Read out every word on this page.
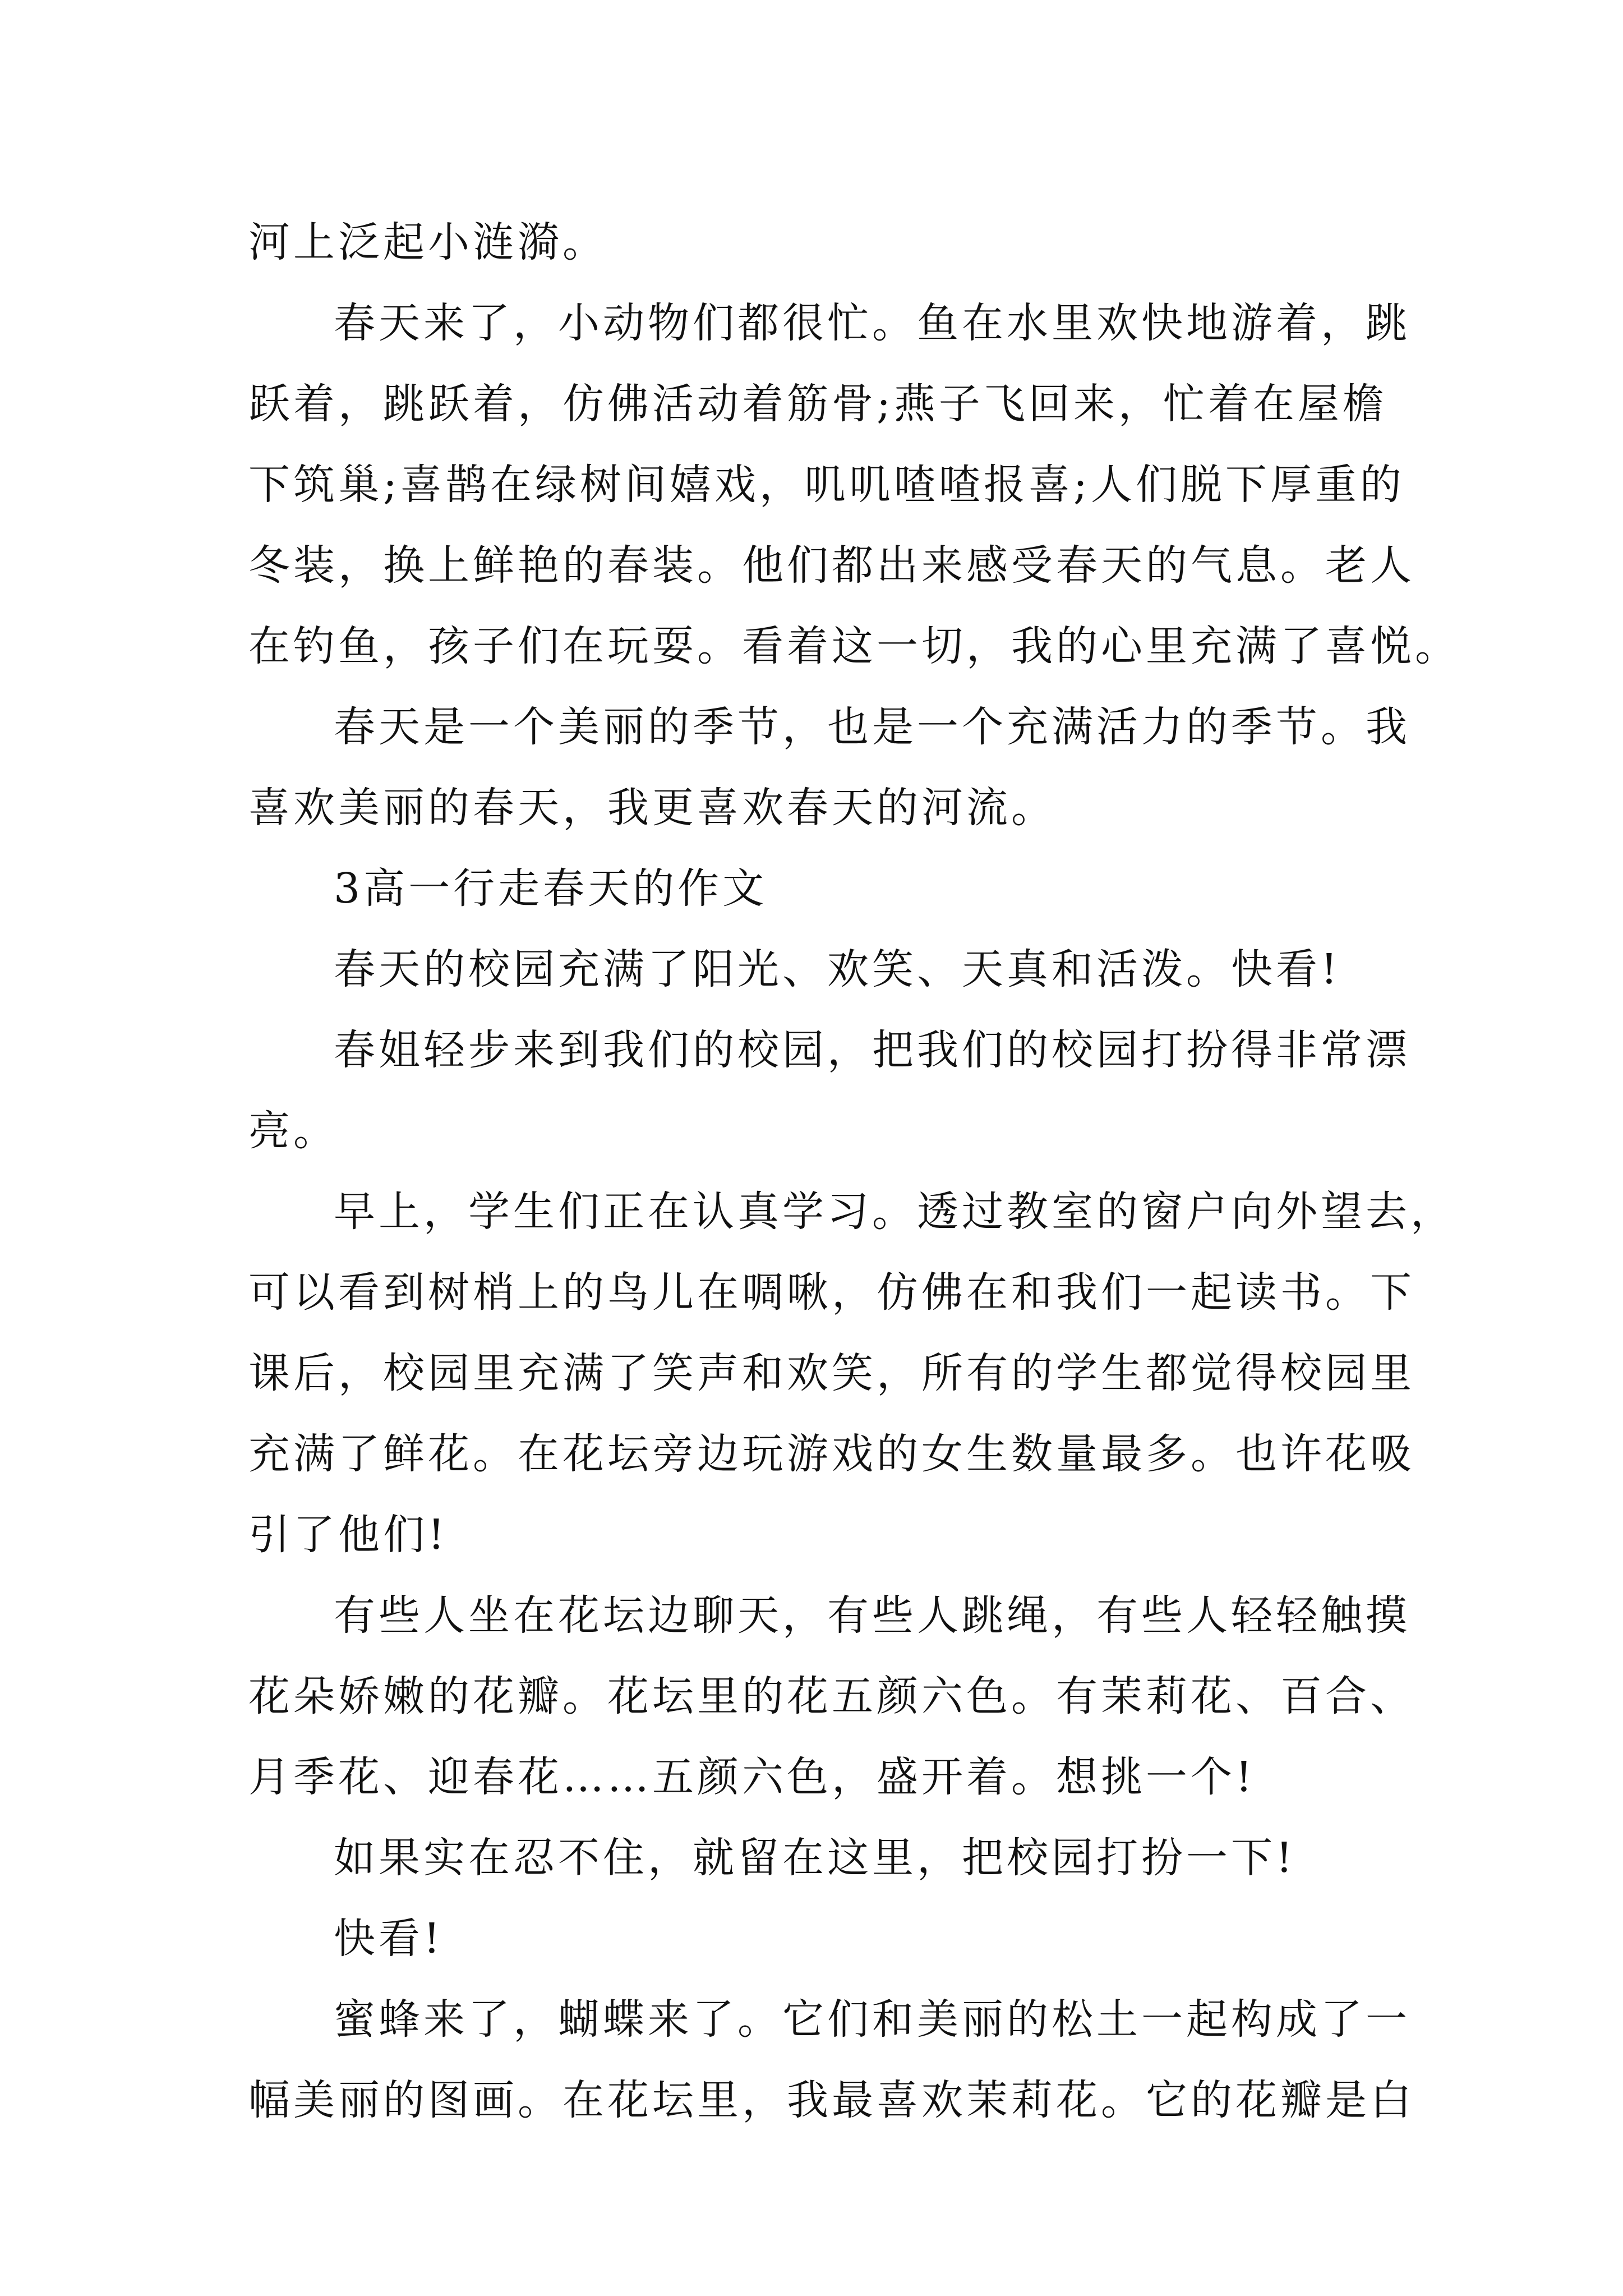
河上泛起小涟漪。
春天来了，小动物们都很忙。鱼在水里欢快地游着，跳
跃着，跳跃着，仿佛活动着筋骨;燕子飞回来，忙着在屋檐
下筑巢;喜鹊在绿树间嬉戏，叽叽喳喳报喜;人们脱下厚重的
冬装，换上鲜艳的春装。他们都出来感受春天的气息。老人
在钓鱼，孩子们在玩耍。看着这一切，我的心里充满了喜悦。
春天是一个美丽的季节，也是一个充满活力的季节。我
喜欢美丽的春天，我更喜欢春天的河流。
3高一行走春天的作文
春天的校园充满了阳光、欢笑、天真和活泼。快看!
春姐轻步来到我们的校园，把我们的校园打扮得非常漂
亮。
早上，学生们正在认真学习。透过教室的窗户向外望去，
可以看到树梢上的鸟儿在啁啾，仿佛在和我们一起读书。下
课后，校园里充满了笑声和欢笑，所有的学生都觉得校园里
充满了鲜花。在花坛旁边玩游戏的女生数量最多。也许花吸
引了他们!
有些人坐在花坛边聊天，有些人跳绳，有些人轻轻触摸
花朵娇嫩的花瓣。花坛里的花五颜六色。有茉莉花、百合、
月季花、迎春花……五颜六色，盛开着。想挑一个!
如果实在忍不住，就留在这里，把校园打扮一下!
快看!
蜜蜂来了，蝴蝶来了。它们和美丽的松土一起构成了一
幅美丽的图画。在花坛里，我最喜欢茉莉花。它的花瓣是白
